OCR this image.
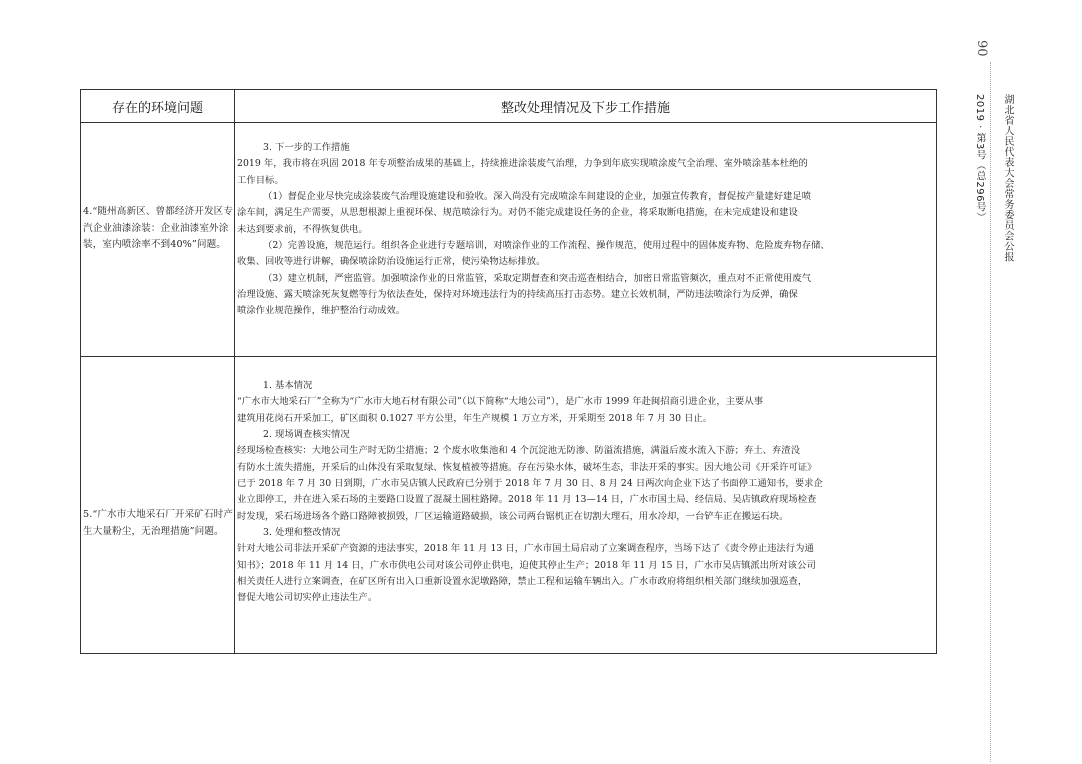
90
湖北省人民代表大会常务委员会公报
2019 · 第3号（总296号）
存在的环境问题	整改处理情况及下步工作措施
4.“随州高新区、曾都经济开发区专汽企业油漆涂装：企业油漆室外涂装，室内喷涂率不到40%”问题。

3. 下一步的工作措施

2019 年，我市将在巩固 2018 年专项整治成果的基础上，持续推进涂装废气治理，力争到年底实现喷涂废气全治理、室外喷涂基本杜绝的

工作目标。

（1）督促企业尽快完成涂装废气治理设施建设和验收。深入尚没有完成喷涂车间建设的企业，加强宣传教育，督促按产量建好建足喷

涂车间，满足生产需要，从思想根源上重视环保、规范喷涂行为。对仍不能完成建设任务的企业，将采取断电措施，在未完成建设和建设

未达到要求前，不得恢复供电。

（2）完善设施，规范运行。组织各企业进行专题培训，对喷涂作业的工作流程、操作规范，使用过程中的固体废弃物、危险废弃物存储、

收集、回收等进行讲解，确保喷涂防治设施运行正常，使污染物达标排放。

（3）建立机制，严密监管。加强喷涂作业的日常监管，采取定期督查和突击巡查相结合，加密日常监管频次，重点对不正常使用废气

治理设施、露天喷涂死灰复燃等行为依法查处，保持对环境违法行为的持续高压打击态势。建立长效机制，严防违法喷涂行为反弹，确保

喷涂作业规范操作，维护整治行动成效。

5.“广水市大地采石厂开采矿石时产生大量粉尘，无治理措施”问题。

1. 基本情况

“广水市大地采石厂”全称为“广水市大地石材有限公司”（以下简称“大地公司”），是广水市 1999 年赴闽招商引进企业，主要从事

建筑用花岗石开采加工，矿区面积 0.1027 平方公里，年生产规模 1 万立方米，开采期至 2018 年 7 月 30 日止。

2. 现场调查核实情况

经现场检查核实：大地公司生产时无防尘措施；2 个废水收集池和 4 个沉淀池无防渗、防溢流措施，满溢后废水流入下游；弃土、弃渣没

有防水土流失措施，开采后的山体没有采取复绿、恢复植被等措施。存在污染水体，破坏生态，非法开采的事实。因大地公司《开采许可证》

已于 2018 年 7 月 30 日到期，广水市吴店镇人民政府已分别于 2018 年 7 月 30 日、8 月 24 日两次向企业下达了书面停工通知书，要求企

业立即停工，并在进入采石场的主要路口设置了混凝土圆柱路障。2018 年 11 月 13—14 日，广水市国土局、经信局、吴店镇政府现场检查

时发现，采石场进场各个路口路障被损毁，厂区运输道路破损，该公司两台锯机正在切割大理石，用水冷却，一台铲车正在搬运石块。

3. 处理和整改情况

针对大地公司非法开采矿产资源的违法事实，2018 年 11 月 13 日，广水市国土局启动了立案调查程序，当场下达了《责令停止违法行为通

知书》；2018 年 11 月 14 日，广水市供电公司对该公司停止供电，迫使其停止生产；2018 年 11 月 15 日，广水市吴店镇派出所对该公司

相关责任人进行立案调查，在矿区所有出入口重新设置水泥墩路障，禁止工程和运输车辆出入。广水市政府将组织相关部门继续加强巡查，

督促大地公司切实停止违法生产。
